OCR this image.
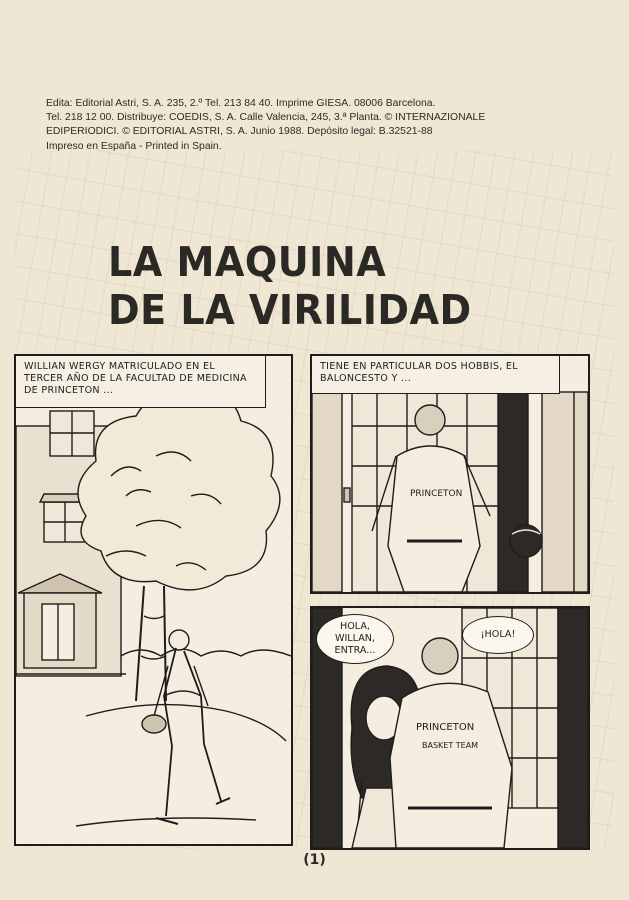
Edita: Editorial Astri, S. A. 235, 2.º Tel. 213 84 40. Imprime GIESA. 08006 Barcelona.
Tel. 218 12 00. Distribuye: COEDIS, S. A. Calle Valencia, 245, 3.ª Planta. © INTERNAZIONALE
EDIPERIODICI. © EDITORIAL ASTRI, S. A. Junio 1988. Depósito legal: B.32521-88
Impreso en España - Printed in Spain.
LA MAQUINA
DE LA VIRILIDAD
WILLIAN WERGY MATRICULADO EN EL TERCER AÑO DE LA FACULTAD DE MEDICINA DE PRINCETON ...
PRINCETON
TIENE EN PARTICULAR DOS HOBBIS, EL BALONCESTO Y ...
PRINCETON
BASKET TEAM
HOLA, WILLAN, ENTRA...
¡HOLA!
(1)
